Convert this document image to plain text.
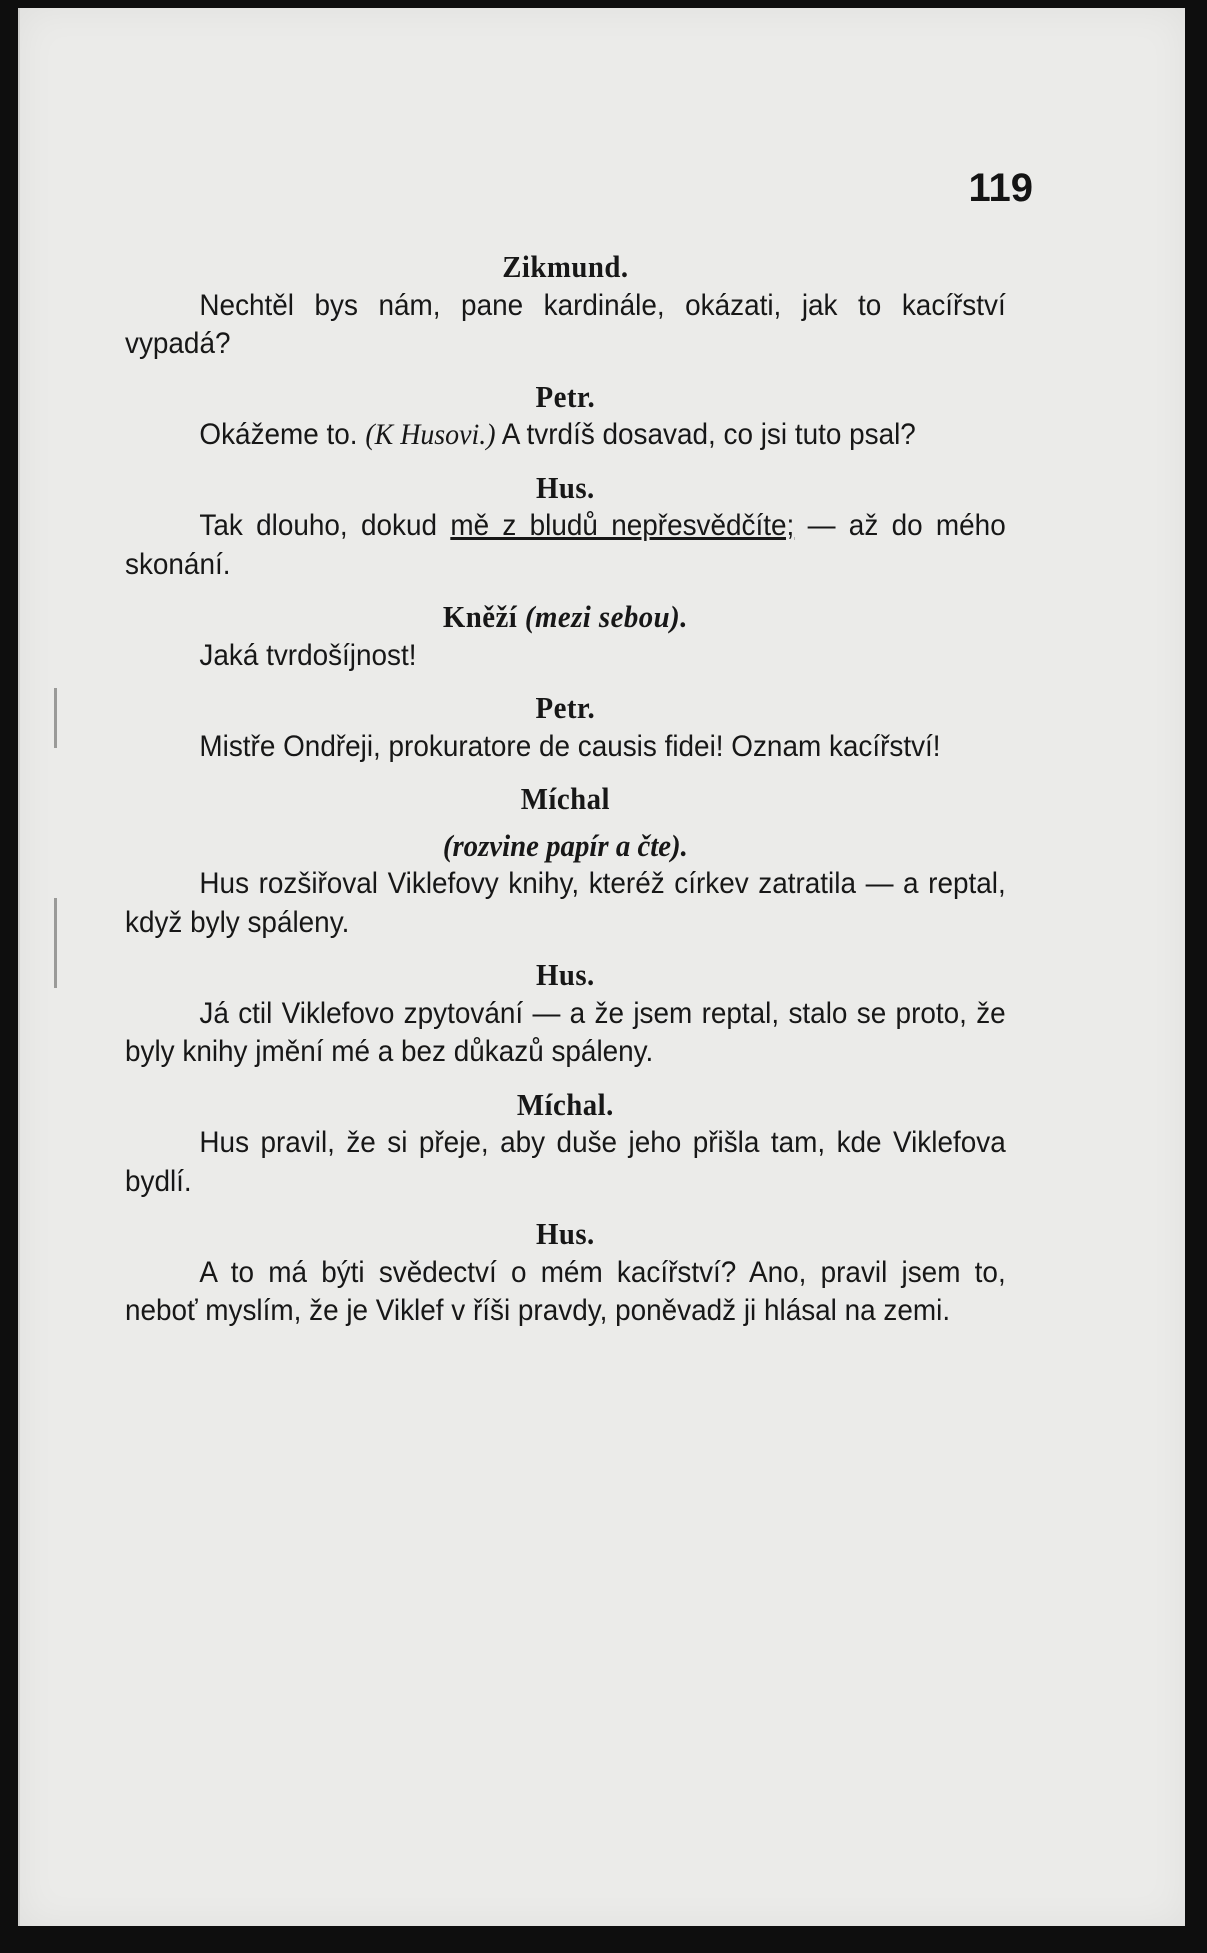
119
Zikmund.
Nechtěl bys nám, pane kardinále, okázati, jak to kacířství vypadá?
Petr.
Okážeme to. (K Husovi.) A tvrdíš dosavad, co jsi tuto psal?
Hus.
Tak dlouho, dokud mě z bludů nepřesvědčíte; — až do mého skonání.
Kněží (mezi sebou).
Jaká tvrdošíjnost!
Petr.
Mistře Ondřeji, prokuratore de causis fidei! Oznam kacířství!
Míchal
(rozvine papír a čte).
Hus rozšiřoval Viklefovy knihy, kteréž církev zatratila — a reptal, když byly spáleny.
Hus.
Já ctil Viklefovo zpytování — a že jsem reptal, stalo se proto, že byly knihy jmění mé a bez důkazů spáleny.
Míchal.
Hus pravil, že si přeje, aby duše jeho přišla tam, kde Viklefova bydlí.
Hus.
A to má býti svědectví o mém kacířství? Ano, pravil jsem to, neboť myslím, že je Viklef v říši pravdy, poněvadž ji hlásal na zemi.
